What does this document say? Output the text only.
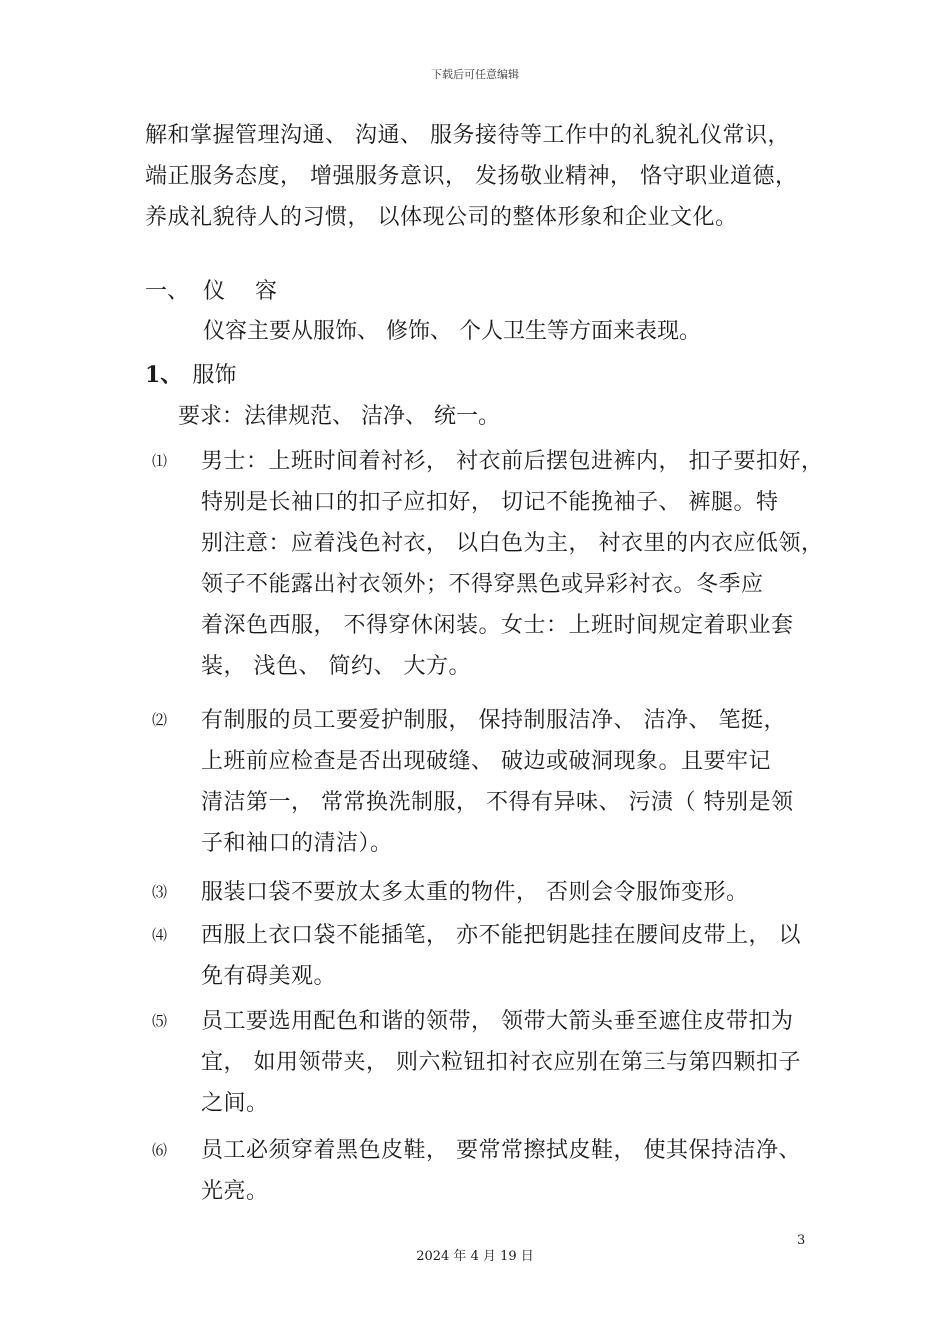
下载后可任意编辑
解和掌握管理沟通、 沟通、 服务接待等工作中的礼貌礼仪常识，
端正服务态度， 增强服务意识， 发扬敬业精神， 恪守职业道德，
养成礼貌待人的习惯， 以体现公司的整体形象和企业文化。
一、 仪 容
仪容主要从服饰、 修饰、 个人卫生等方面来表现。
1、 服饰
要求：法律规范、 洁净、 统一。
⑴ 男士：上班时间着衬衫， 衬衣前后摆包进裤内， 扣子要扣好，
特别是长袖口的扣子应扣好， 切记不能挽袖子、 裤腿。特
别注意：应着浅色衬衣， 以白色为主， 衬衣里的内衣应低领，
领子不能露出衬衣领外；不得穿黑色或异彩衬衣。冬季应
着深色西服， 不得穿休闲装。女士：上班时间规定着职业套
装， 浅色、 简约、 大方。
⑵ 有制服的员工要爱护制服， 保持制服洁净、 洁净、 笔挺，
上班前应检查是否出现破缝、 破边或破洞现象。且要牢记
清洁第一， 常常换洗制服， 不得有异味、 污渍（ 特别是领
子和袖口的清洁）。
⑶ 服装口袋不要放太多太重的物件， 否则会令服饰变形。
⑷ 西服上衣口袋不能插笔， 亦不能把钥匙挂在腰间皮带上， 以
免有碍美观。
⑸ 员工要选用配色和谐的领带， 领带大箭头垂至遮住皮带扣为
宜， 如用领带夹， 则六粒钮扣衬衣应别在第三与第四颗扣子
之间。
⑹ 员工必须穿着黑色皮鞋， 要常常擦拭皮鞋， 使其保持洁净、
光亮。
3
2024 年 4 月 19 日
